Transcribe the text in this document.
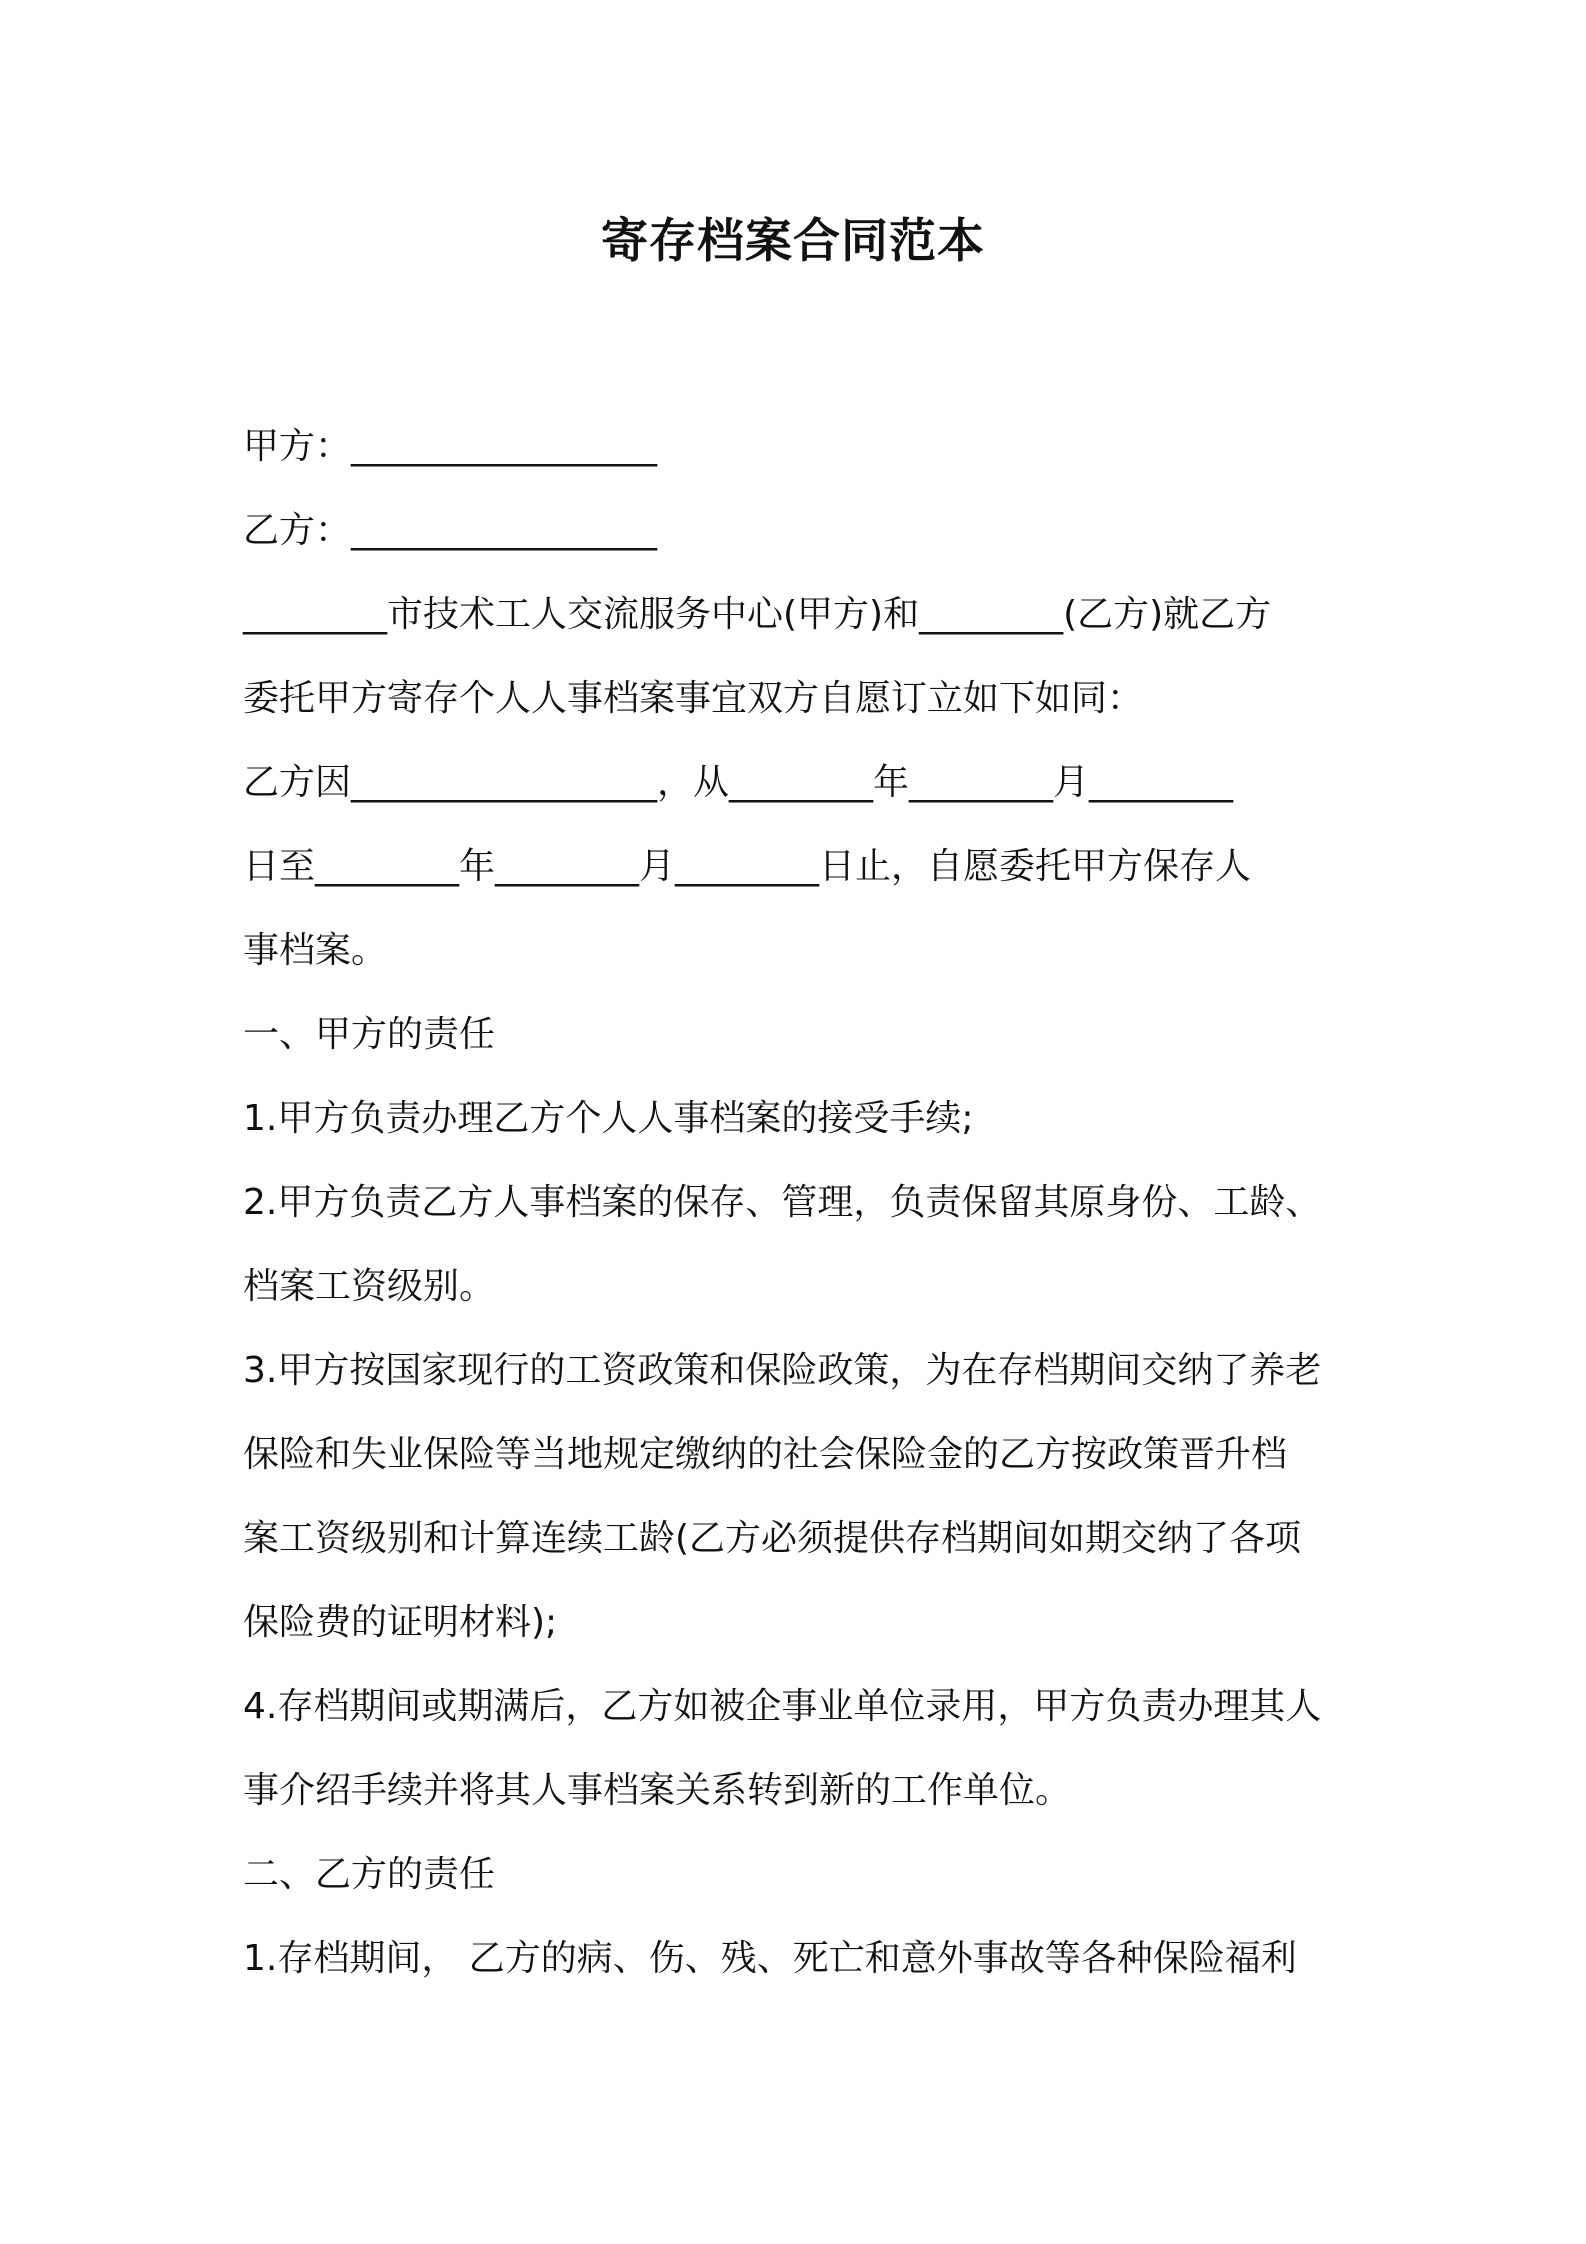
寄存档案合同范本
甲方：_________________
乙方：_________________
________市技术工人交流服务中心(甲方)和________(乙方)就乙方
委托甲方寄存个人人事档案事宜双方自愿订立如下如同：
乙方因_________________，从________年________月________
日至________年________月________日止，自愿委托甲方保存人
事档案。
一、甲方的责任
1.甲方负责办理乙方个人人事档案的接受手续;
2.甲方负责乙方人事档案的保存、管理，负责保留其原身份、工龄、
档案工资级别。
3.甲方按国家现行的工资政策和保险政策，为在存档期间交纳了养老
保险和失业保险等当地规定缴纳的社会保险金的乙方按政策晋升档
案工资级别和计算连续工龄(乙方必须提供存档期间如期交纳了各项
保险费的证明材料);
4.存档期间或期满后，乙方如被企事业单位录用，甲方负责办理其人
事介绍手续并将其人事档案关系转到新的工作单位。
二、乙方的责任
1.存档期间， 乙方的病、伤、残、死亡和意外事故等各种保险福利
